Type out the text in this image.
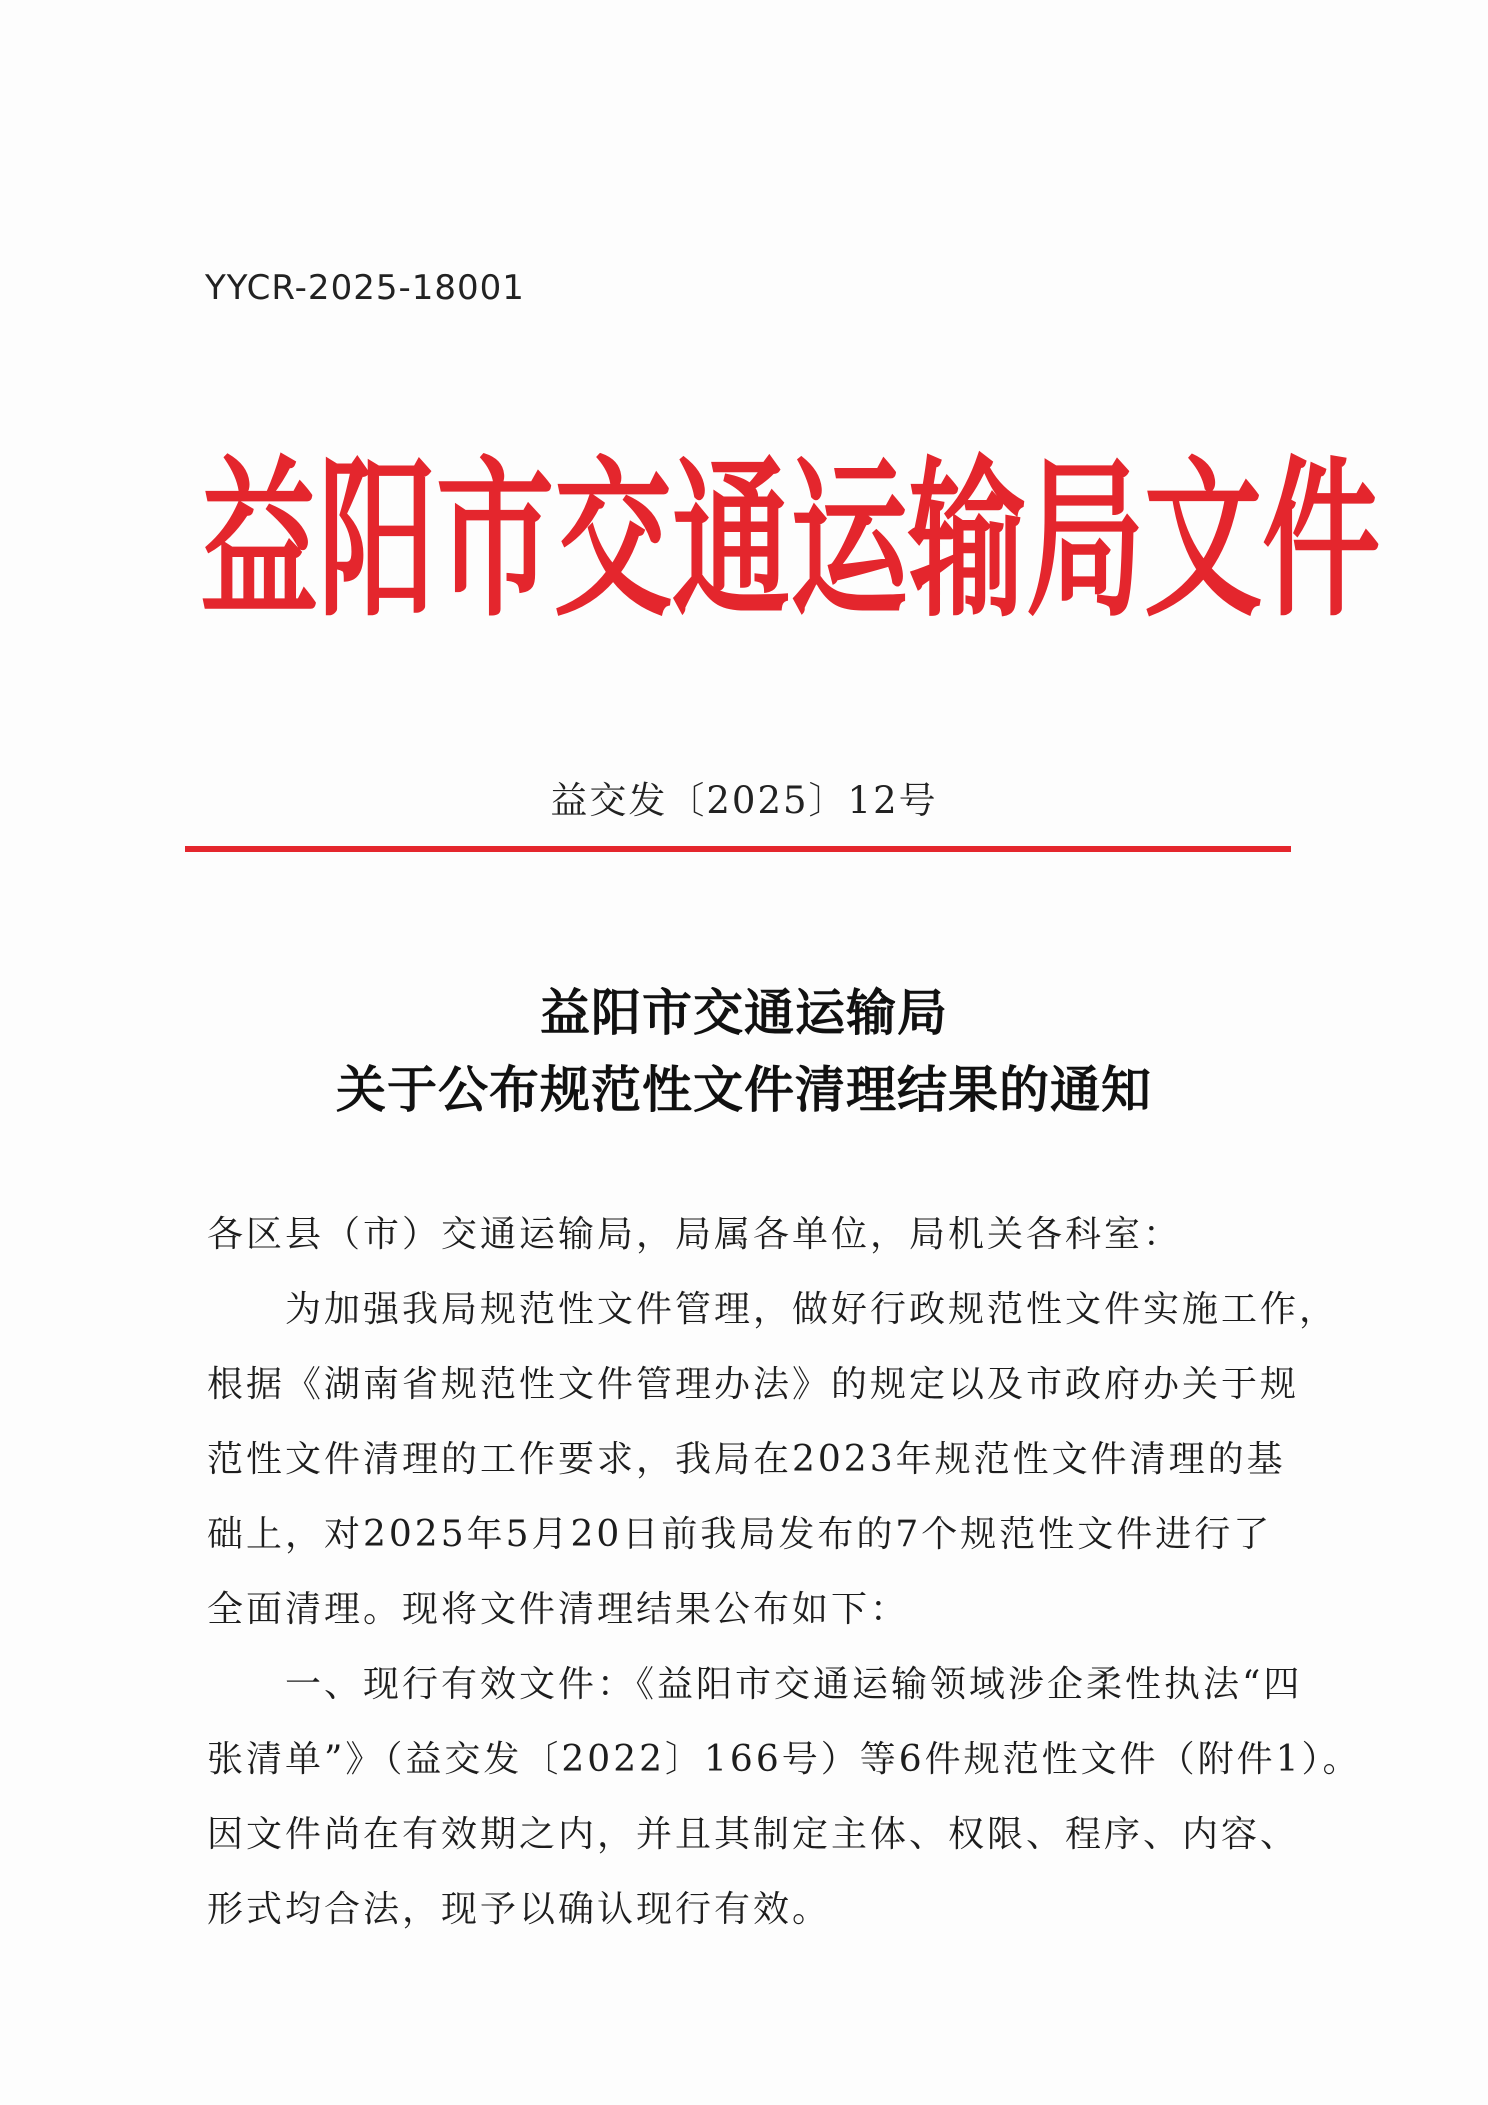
YYCR-2025-18001
益 阳 市 交 通 运 输 局 文 件
益交发〔2025〕12号
益阳市交通运输局
关于公布规范性文件清理结果的通知
各区县（市）交通运输局，局属各单位，局机关各科室：
　　为加强我局规范性文件管理，做好行政规范性文件实施工作，
根据《湖南省规范性文件管理办法》的规定以及市政府办关于规
范性文件清理的工作要求，我局在2023年规范性文件清理的基
础上，对2025年5月20日前我局发布的7个规范性文件进行了
全面清理。现将文件清理结果公布如下：
　　一、现行有效文件：《益阳市交通运输领域涉企柔性执法“四
张清单”》（益交发〔2022〕166号）等6件规范性文件（附件1）。
因文件尚在有效期之内，并且其制定主体、权限、程序、内容、
形式均合法，现予以确认现行有效。
